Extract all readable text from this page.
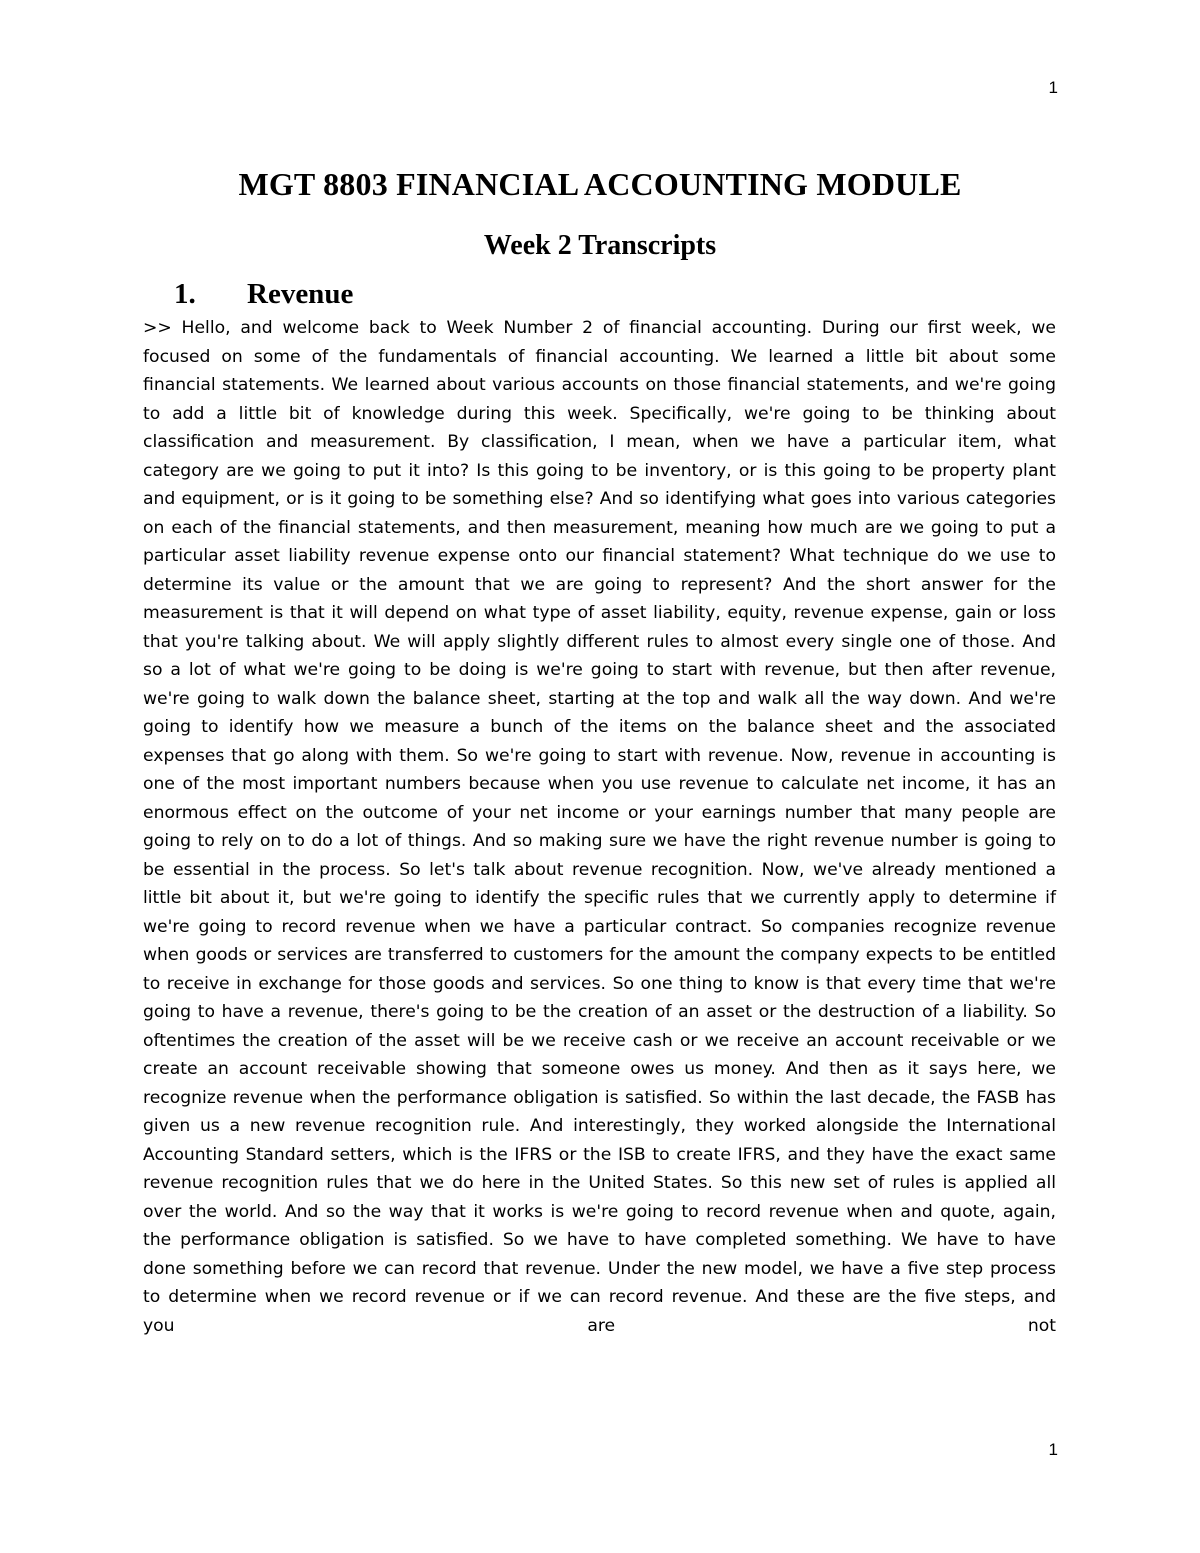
1
MGT 8803 FINANCIAL ACCOUNTING MODULE
Week 2 Transcripts
1.	Revenue

>> Hello, and welcome back to Week Number 2 of financial accounting. During our first week, we focused on some of the fundamentals of financial accounting. We learned a little bit about some financial statements. We learned about various accounts on those financial statements, and we're going to add a little bit of knowledge during this week. Specifically, we're going to be thinking about classification and measurement. By classification, I mean, when we have a particular item, what category are we going to put it into? Is this going to be inventory, or is this going to be property plant and equipment, or is it going to be something else? And so identifying what goes into various categories on each of the financial statements, and then measurement, meaning how much are we going to put a particular asset liability revenue expense onto our financial statement? What technique do we use to determine its value or the amount that we are going to represent? And the short answer for the measurement is that it will depend on what type of asset liability, equity, revenue expense, gain or loss that you're talking about. We will apply slightly different rules to almost every single one of those. And so a lot of what we're going to be doing is we're going to start with revenue, but then after revenue, we're going to walk down the balance sheet, starting at the top and walk all the way down. And we're going to identify how we measure a bunch of the items on the balance sheet and the associated expenses that go along with them. So we're going to start with revenue. Now, revenue in accounting is one of the most important numbers because when you use revenue to calculate net income, it has an enormous effect on the outcome of your net income or your earnings number that many people are going to rely on to do a lot of things. And so making sure we have the right revenue number is going to be essential in the process. So let's talk about revenue recognition. Now, we've already mentioned a little bit about it, but we're going to identify the specific rules that we currently apply to determine if we're going to record revenue when we have a particular contract. So companies recognize revenue when goods or services are transferred to customers for the amount the company expects to be entitled to receive in exchange for those goods and services. So one thing to know is that every time that we're going to have a revenue, there's going to be the creation of an asset or the destruction of a liability. So oftentimes the creation of the asset will be we receive cash or we receive an account receivable or we create an account receivable showing that someone owes us money. And then as it says here, we recognize revenue when the performance obligation is satisfied. So within the last decade, the FASB has given us a new revenue recognition rule. And interestingly, they worked alongside the International Accounting Standard setters, which is the IFRS or the ISB to create IFRS, and they have the exact same revenue recognition rules that we do here in the United States. So this new set of rules is applied all over the world. And so the way that it works is we're going to record revenue when and quote, again, the performance obligation is satisfied. So we have to have completed something. We have to have done something before we can record that revenue. Under the new model, we have a five step process to determine when we record revenue or if we can record revenue. And these are the five steps, and you are not

1
